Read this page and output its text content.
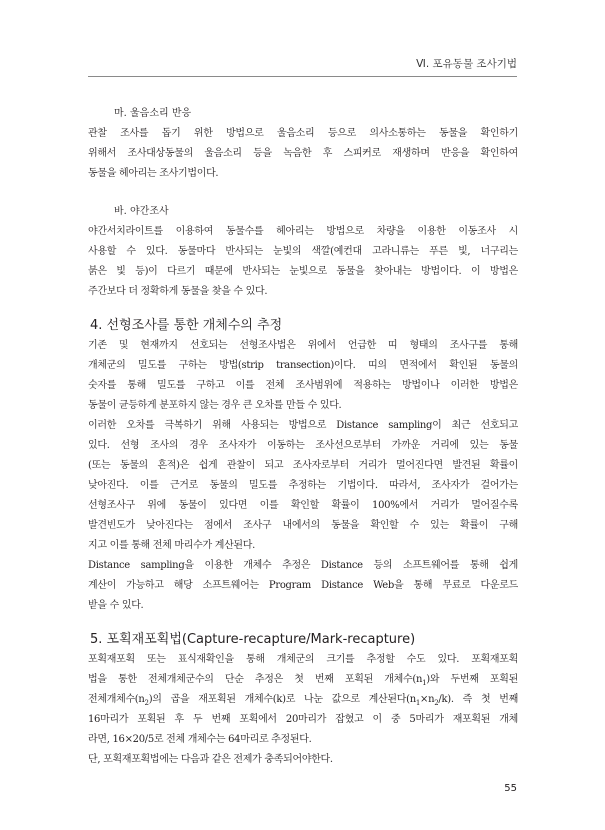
Ⅵ. 포유동물 조사기법
마. 울음소리 반응
관찰 조사를 돕기 위한 방법으로 울음소리 등으로 의사소통하는 동물을 확인하기
위해서 조사대상동물의 울음소리 등을 녹음한 후 스피커로 재생하며 반응을 확인하여
동물을 헤아리는 조사기법이다.
바. 야간조사
야간서치라이트를 이용하여 동물수를 헤아리는 방법으로 차량을 이용한 이동조사 시
사용할 수 있다. 동물마다 반사되는 눈빛의 색깔(예컨대 고라니류는 푸른 빛, 너구리는
붉은 빛 등)이 다르기 때문에 반사되는 눈빛으로 동물을 찾아내는 방법이다. 이 방법은
주간보다 더 정확하게 동물을 찾을 수 있다.
4. 선형조사를 통한 개체수의 추정
기존 및 현재까지 선호되는 선형조사법은 위에서 언급한 띠 형태의 조사구를 통해
개체군의 밀도를 구하는 방법(strip transection)이다. 띠의 면적에서 확인된 동물의
숫자를 통해 밀도를 구하고 이를 전체 조사범위에 적용하는 방법이나 이러한 방법은
동물이 균등하게 분포하지 않는 경우 큰 오차를 만들 수 있다.
이러한 오차를 극복하기 위해 사용되는 방법으로 Distance sampling이 최근 선호되고
있다. 선형 조사의 경우 조사자가 이동하는 조사선으로부터 가까운 거리에 있는 동물
(또는 동물의 흔적)은 쉽게 관찰이 되고 조사자로부터 거리가 멀어진다면 발견된 확률이
낮아진다. 이를 근거로 동물의 밀도를 추정하는 기법이다. 따라서, 조사자가 걸어가는
선형조사구 위에 동물이 있다면 이를 확인할 확률이 100%에서 거리가 멀어질수록
발견빈도가 낮아진다는 점에서 조사구 내에서의 동물을 확인할 수 있는 확률이 구해
지고 이를 통해 전체 마리수가 계산된다.
Distance sampling을 이용한 개체수 추정은 Distance 등의 소프트웨어를 통해 쉽게
계산이 가능하고 해당 소프트웨어는 Program Distance Web을 통해 무료로 다운로드
받을 수 있다.
5. 포획재포획법(Capture-recapture/Mark-recapture)
포획재포획 또는 표식재확인을 통해 개체군의 크기를 추정할 수도 있다. 포획재포획
법을 통한 전체개체군수의 단순 추정은 첫 번째 포획된 개체수$(n_1)$와 두번째 포획된
전체개체수$(n_2)$의 곱을 재포획된 개체수(k)로 나눈 값으로 계산된다$(n_1\times n_2/k)$. 즉 첫 번째
16마리가 포획된 후 두 번째 포획에서 20마리가 잡혔고 이 중 5마리가 재포획된 개체
라면, 16×20/5로 전체 개체수는 64마리로 추정된다.
단, 포획재포획법에는 다음과 같은 전제가 충족되어야한다.
55
